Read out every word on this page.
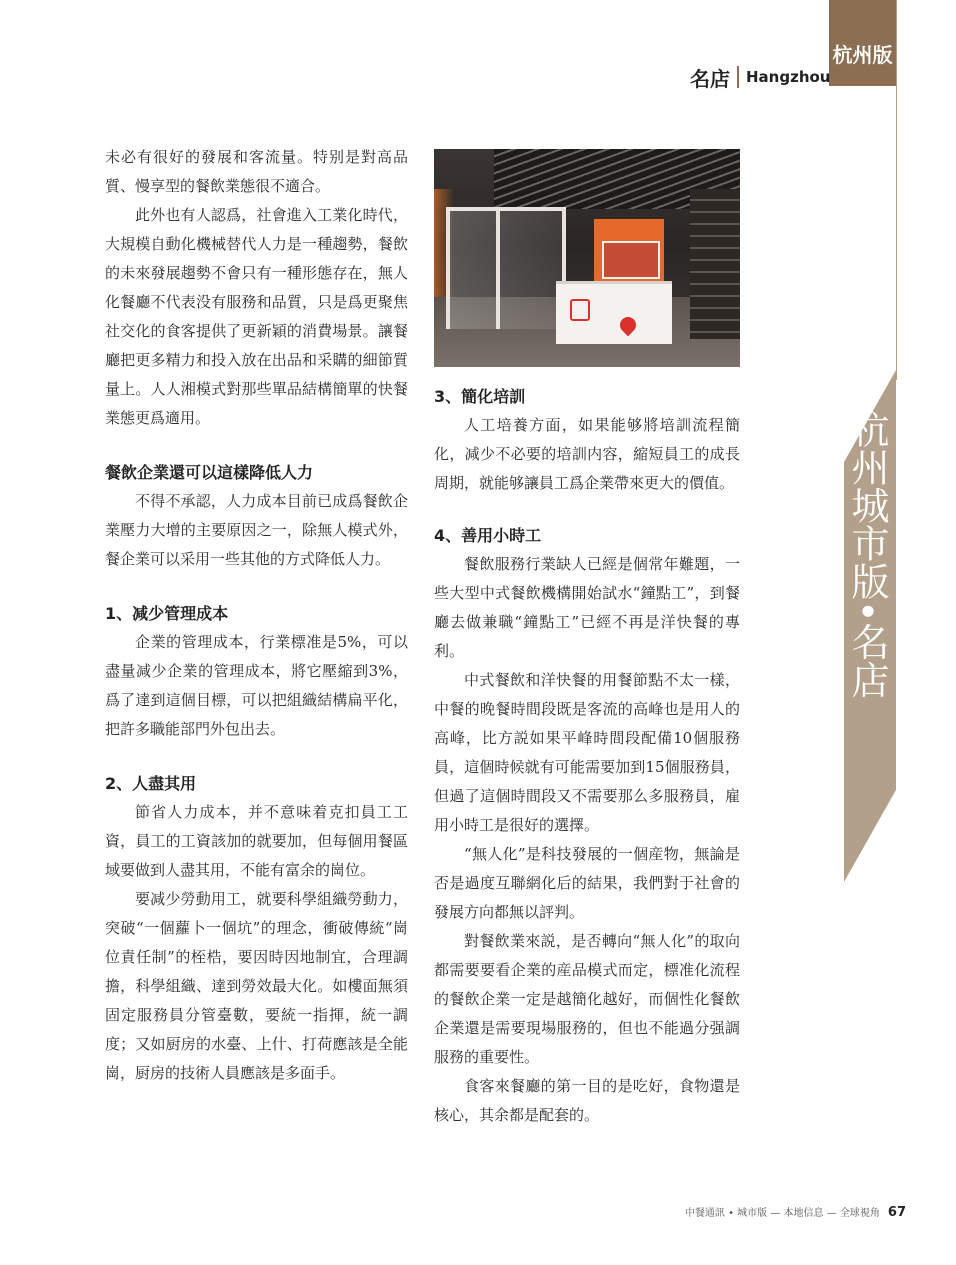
杭州版
名店 Hangzhou
杭州城市版•名店

未必有很好的發展和客流量。特别是對高品質、慢享型的餐飲業態很不適合。

此外也有人認爲，社會進入工業化時代，大規模自動化機械替代人力是一種趨勢，餐飲的未來發展趨勢不會只有一種形態存在，無人化餐廳不代表没有服務和品質，只是爲更聚焦社交化的食客提供了更新穎的消費場景。讓餐廳把更多精力和投入放在出品和采購的細節質量上。人人湘模式對那些單品結構簡單的快餐業態更爲適用。

餐飲企業還可以這樣降低人力

不得不承認，人力成本目前已成爲餐飲企業壓力大增的主要原因之一，除無人模式外，餐企業可以采用一些其他的方式降低人力。

1、减少管理成本

企業的管理成本，行業標准是5%，可以盡量减少企業的管理成本，將它壓縮到3%，爲了達到這個目標，可以把組織結構扁平化，把許多職能部門外包出去。

2、人盡其用

節省人力成本，并不意味着克扣員工工資，員工的工資該加的就要加，但每個用餐區域要做到人盡其用，不能有富余的崗位。

要减少勞動用工，就要科學組織勞動力，突破“一個蘿卜一個坑”的理念，衝破傳統“崗位責任制”的桎梏，要因時因地制宜，合理調擔，科學組織、達到勞效最大化。如樓面無須固定服務員分管臺數，要統一指揮，統一調度；又如厨房的水臺、上什、打荷應該是全能崗，厨房的技術人員應該是多面手。

3、簡化培訓

人工培養方面，如果能够將培訓流程簡化，减少不必要的培訓内容，縮短員工的成長周期，就能够讓員工爲企業帶來更大的價值。

4、善用小時工

餐飲服務行業缺人已經是個常年難題，一些大型中式餐飲機構開始試水“鐘點工”，到餐廳去做兼職“鐘點工”已經不再是洋快餐的專利。

中式餐飲和洋快餐的用餐節點不太一樣，中餐的晚餐時間段既是客流的高峰也是用人的高峰，比方説如果平峰時間段配備10個服務員，這個時候就有可能需要加到15個服務員，但過了這個時間段又不需要那么多服務員，雇用小時工是很好的選擇。

“無人化”是科技發展的一個産物，無論是否是過度互聯網化后的結果，我們對于社會的發展方向都無以評判。

對餐飲業來説，是否轉向“無人化”的取向都需要要看企業的産品模式而定，標准化流程的餐飲企業一定是越簡化越好，而個性化餐飲企業還是需要現場服務的，但也不能過分强調服務的重要性。

食客來餐廳的第一目的是吃好，食物還是核心，其余都是配套的。

中餐通訊 • 城市版 — 本地信息 — 全球視角 67
